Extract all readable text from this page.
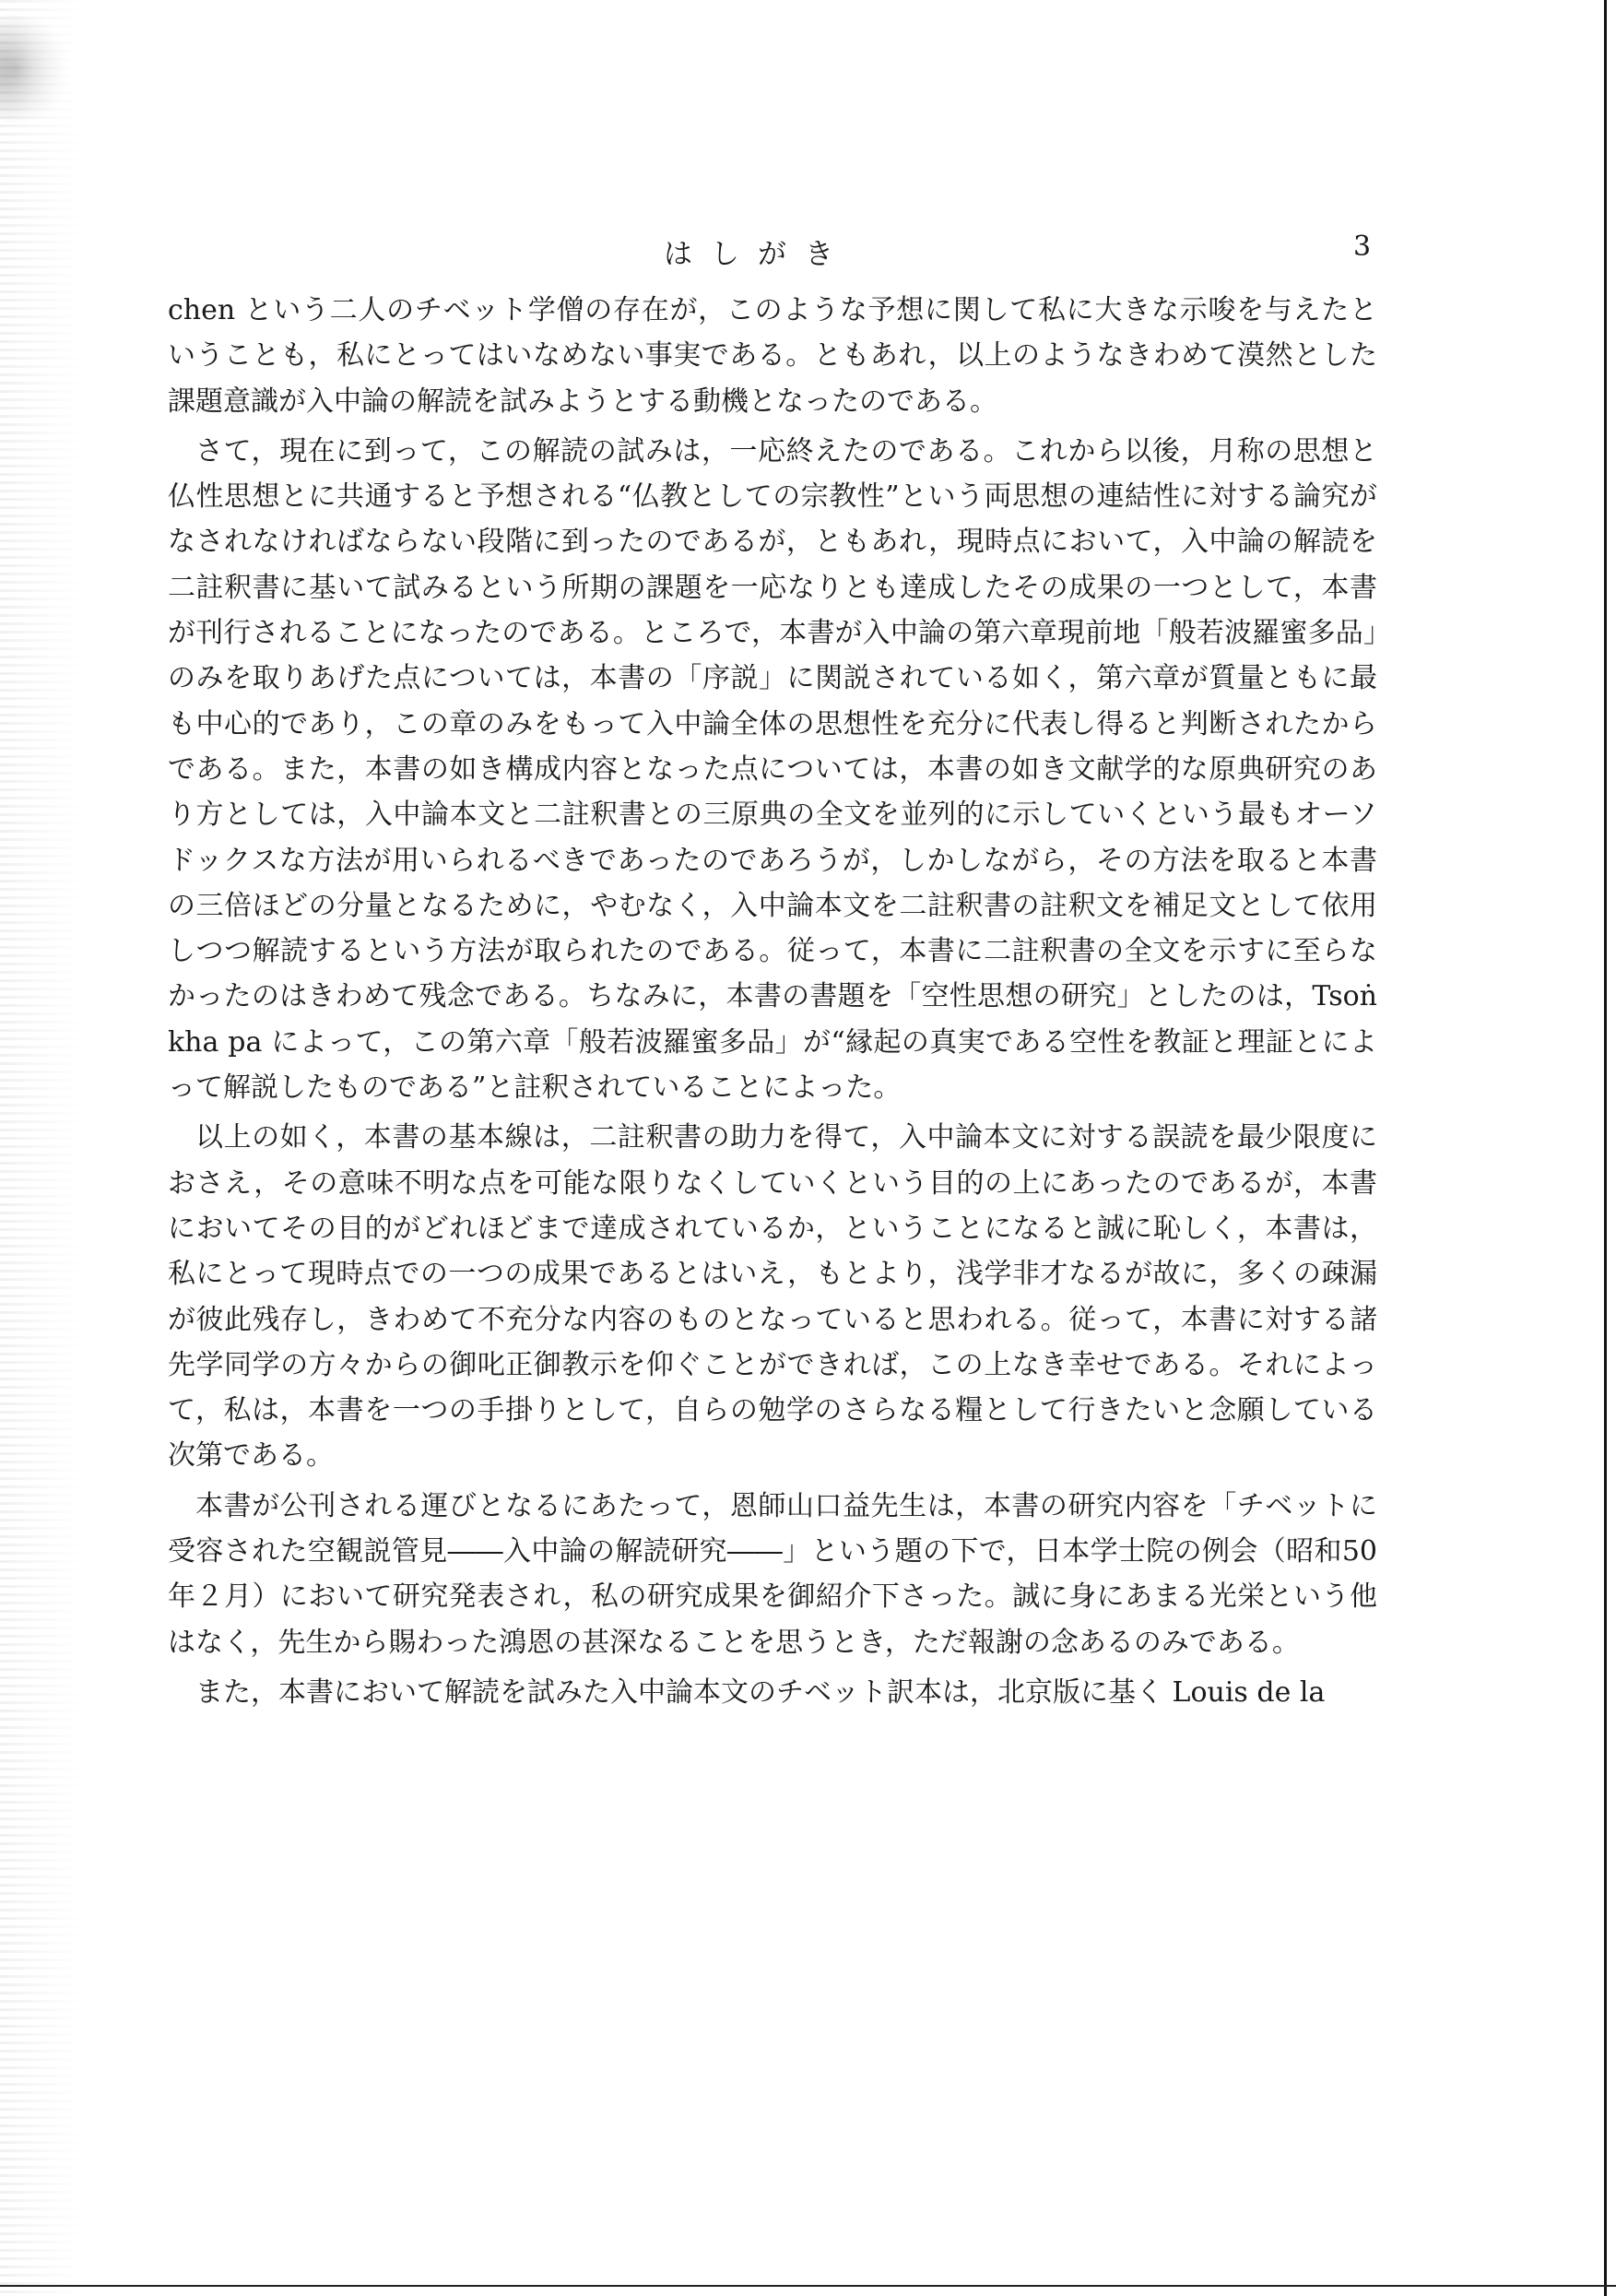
はしがき	3

chen という二人のチベット学僧の存在が，このような予想に関して私に大きな示唆を与えたということも，私にとってはいなめない事実である。ともあれ，以上のようなきわめて漠然とした課題意識が入中論の解読を試みようとする動機となったのである。

さて，現在に到って，この解読の試みは，一応終えたのである。これから以後，月称の思想と仏性思想とに共通すると予想される“仏教としての宗教性”という両思想の連結性に対する論究がなされなければならない段階に到ったのであるが，ともあれ，現時点において，入中論の解読を二註釈書に基いて試みるという所期の課題を一応なりとも達成したその成果の一つとして，本書が刊行されることになったのである。ところで，本書が入中論の第六章現前地「般若波羅蜜多品」のみを取りあげた点については，本書の「序説」に関説されている如く，第六章が質量ともに最も中心的であり，この章のみをもって入中論全体の思想性を充分に代表し得ると判断されたからである。また，本書の如き構成内容となった点については，本書の如き文献学的な原典研究のあり方としては，入中論本文と二註釈書との三原典の全文を並列的に示していくという最もオーソドックスな方法が用いられるべきであったのであろうが，しかしながら，その方法を取ると本書の三倍ほどの分量となるために，やむなく，入中論本文を二註釈書の註釈文を補足文として依用しつつ解読するという方法が取られたのである。従って，本書に二註釈書の全文を示すに至らなかったのはきわめて残念である。ちなみに，本書の書題を「空性思想の研究」としたのは，Tsoṅ kha pa によって，この第六章「般若波羅蜜多品」が“縁起の真実である空性を教証と理証とによって解説したものである”と註釈されていることによった。

以上の如く，本書の基本線は，二註釈書の助力を得て，入中論本文に対する誤読を最少限度におさえ，その意味不明な点を可能な限りなくしていくという目的の上にあったのであるが，本書においてその目的がどれほどまで達成されているか，ということになると誠に恥しく，本書は，私にとって現時点での一つの成果であるとはいえ，もとより，浅学非才なるが故に，多くの疎漏が彼此残存し，きわめて不充分な内容のものとなっていると思われる。従って，本書に対する諸先学同学の方々からの御叱正御教示を仰ぐことができれば，この上なき幸せである。それによって，私は，本書を一つの手掛りとして，自らの勉学のさらなる糧として行きたいと念願している次第である。

本書が公刊される運びとなるにあたって，恩師山口益先生は，本書の研究内容を「チベットに受容された空観説管見――入中論の解読研究――」という題の下で，日本学士院の例会（昭和50年２月）において研究発表され，私の研究成果を御紹介下さった。誠に身にあまる光栄という他はなく，先生から賜わった鴻恩の甚深なることを思うとき，ただ報謝の念あるのみである。

また，本書において解読を試みた入中論本文のチベット訳本は，北京版に基く Louis de la
